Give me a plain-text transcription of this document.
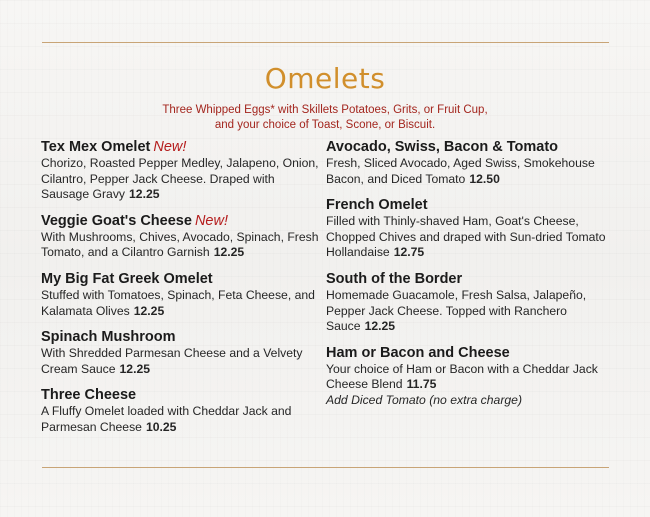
Omelets
Three Whipped Eggs* with Skillets Potatoes, Grits, or Fruit Cup,
and your choice of Toast, Scone, or Biscuit.
Tex Mex Omelet New!
Chorizo, Roasted Pepper Medley, Jalapeno, Onion, Cilantro, Pepper Jack Cheese. Draped with Sausage Gravy 12.25
Veggie Goat's Cheese New!
With Mushrooms, Chives, Avocado, Spinach, Fresh Tomato, and a Cilantro Garnish 12.25
My Big Fat Greek Omelet
Stuffed with Tomatoes, Spinach, Feta Cheese, and Kalamata Olives 12.25
Spinach Mushroom
With Shredded Parmesan Cheese and a Velvety Cream Sauce 12.25
Three Cheese
A Fluffy Omelet loaded with Cheddar Jack and Parmesan Cheese 10.25
Avocado, Swiss, Bacon & Tomato
Fresh, Sliced Avocado, Aged Swiss, Smokehouse Bacon, and Diced Tomato 12.50
French Omelet
Filled with Thinly-shaved Ham, Goat's Cheese, Chopped Chives and draped with Sun-dried Tomato Hollandaise 12.75
South of the Border
Homemade Guacamole, Fresh Salsa, Jalapeño, Pepper Jack Cheese. Topped with Ranchero Sauce 12.25
Ham or Bacon and Cheese
Your choice of Ham or Bacon with a Cheddar Jack Cheese Blend 11.75
Add Diced Tomato (no extra charge)
